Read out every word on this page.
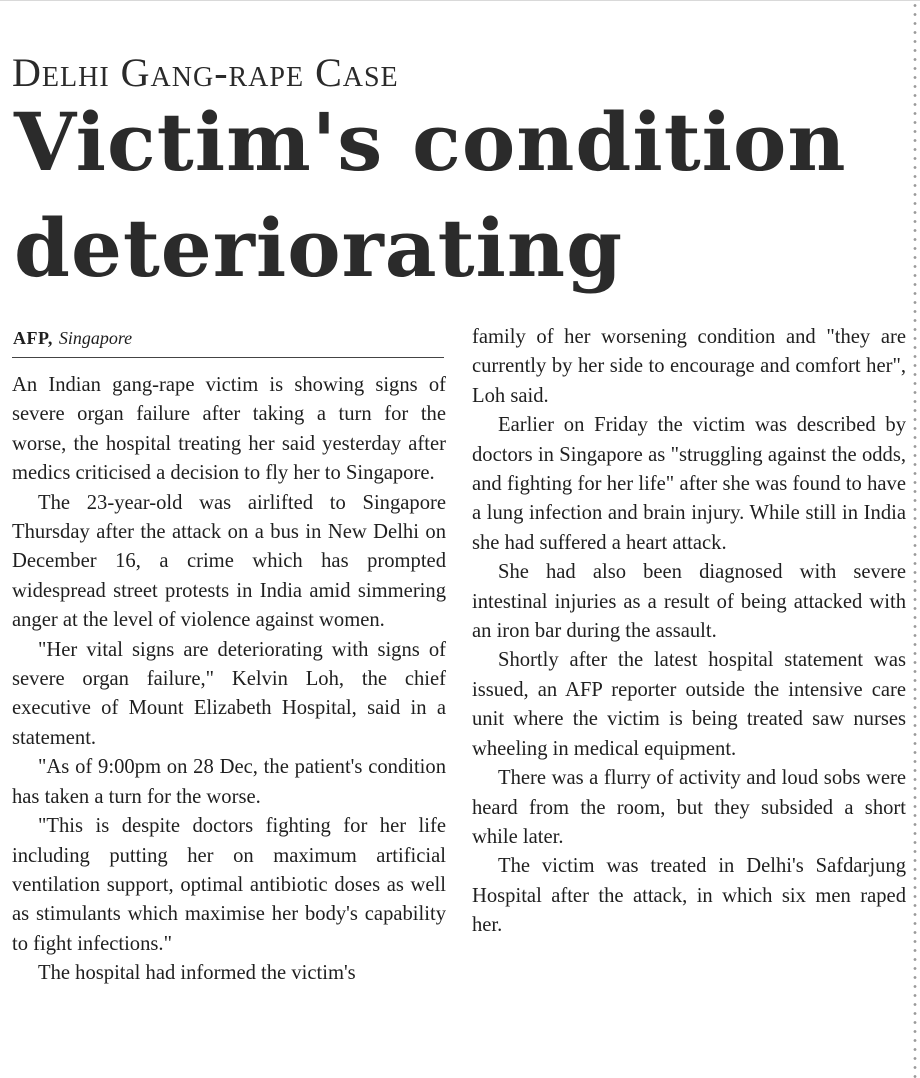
Delhi Gang-rape Case
Victim's condition deteriorating
AFP, Singapore

An Indian gang-rape victim is showing signs of severe organ failure after taking a turn for the worse, the hospital treating her said yesterday after medics criticised a decision to fly her to Singapore.

The 23-year-old was airlifted to Singapore Thursday after the attack on a bus in New Delhi on December 16, a crime which has prompted widespread street protests in India amid simmering anger at the level of violence against women.

"Her vital signs are deteriorating with signs of severe organ failure," Kelvin Loh, the chief executive of Mount Elizabeth Hospital, said in a statement.

"As of 9:00pm on 28 Dec, the patient's condition has taken a turn for the worse.

"This is despite doctors fighting for her life including putting her on maximum artificial ventilation support, optimal antibiotic doses as well as stimulants which maximise her body's capability to fight infections."

The hospital had informed the victim's

family of her worsening condition and "they are currently by her side to encourage and comfort her", Loh said.

Earlier on Friday the victim was described by doctors in Singapore as "struggling against the odds, and fighting for her life" after she was found to have a lung infection and brain injury. While still in India she had suffered a heart attack.

She had also been diagnosed with severe intestinal injuries as a result of being attacked with an iron bar during the assault.

Shortly after the latest hospital statement was issued, an AFP reporter outside the intensive care unit where the victim is being treated saw nurses wheeling in medical equipment.

There was a flurry of activity and loud sobs were heard from the room, but they subsided a short while later.

The victim was treated in Delhi's Safdarjung Hospital after the attack, in which six men raped her.
